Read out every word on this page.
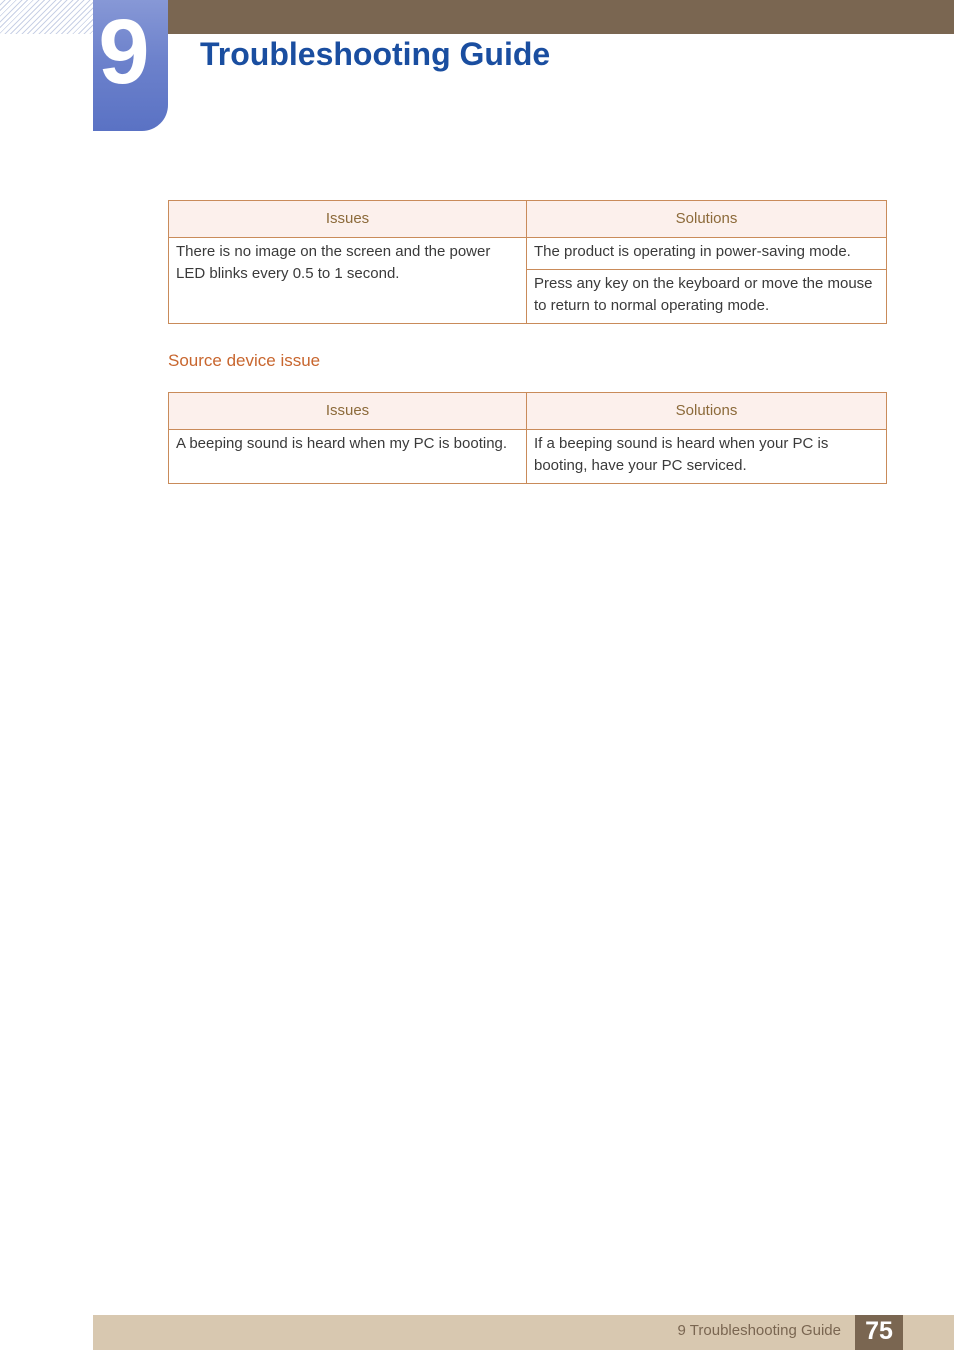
9 Troubleshooting Guide
Issues	Solutions
There is no image on the screen and the power LED blinks every 0.5 to 1 second.	The product is operating in power-saving mode.
	Press any key on the keyboard or move the mouse to return to normal operating mode.
Source device issue
Issues	Solutions
A beeping sound is heard when my PC is booting.	If a beeping sound is heard when your PC is booting, have your PC serviced.
9 Troubleshooting Guide 75
